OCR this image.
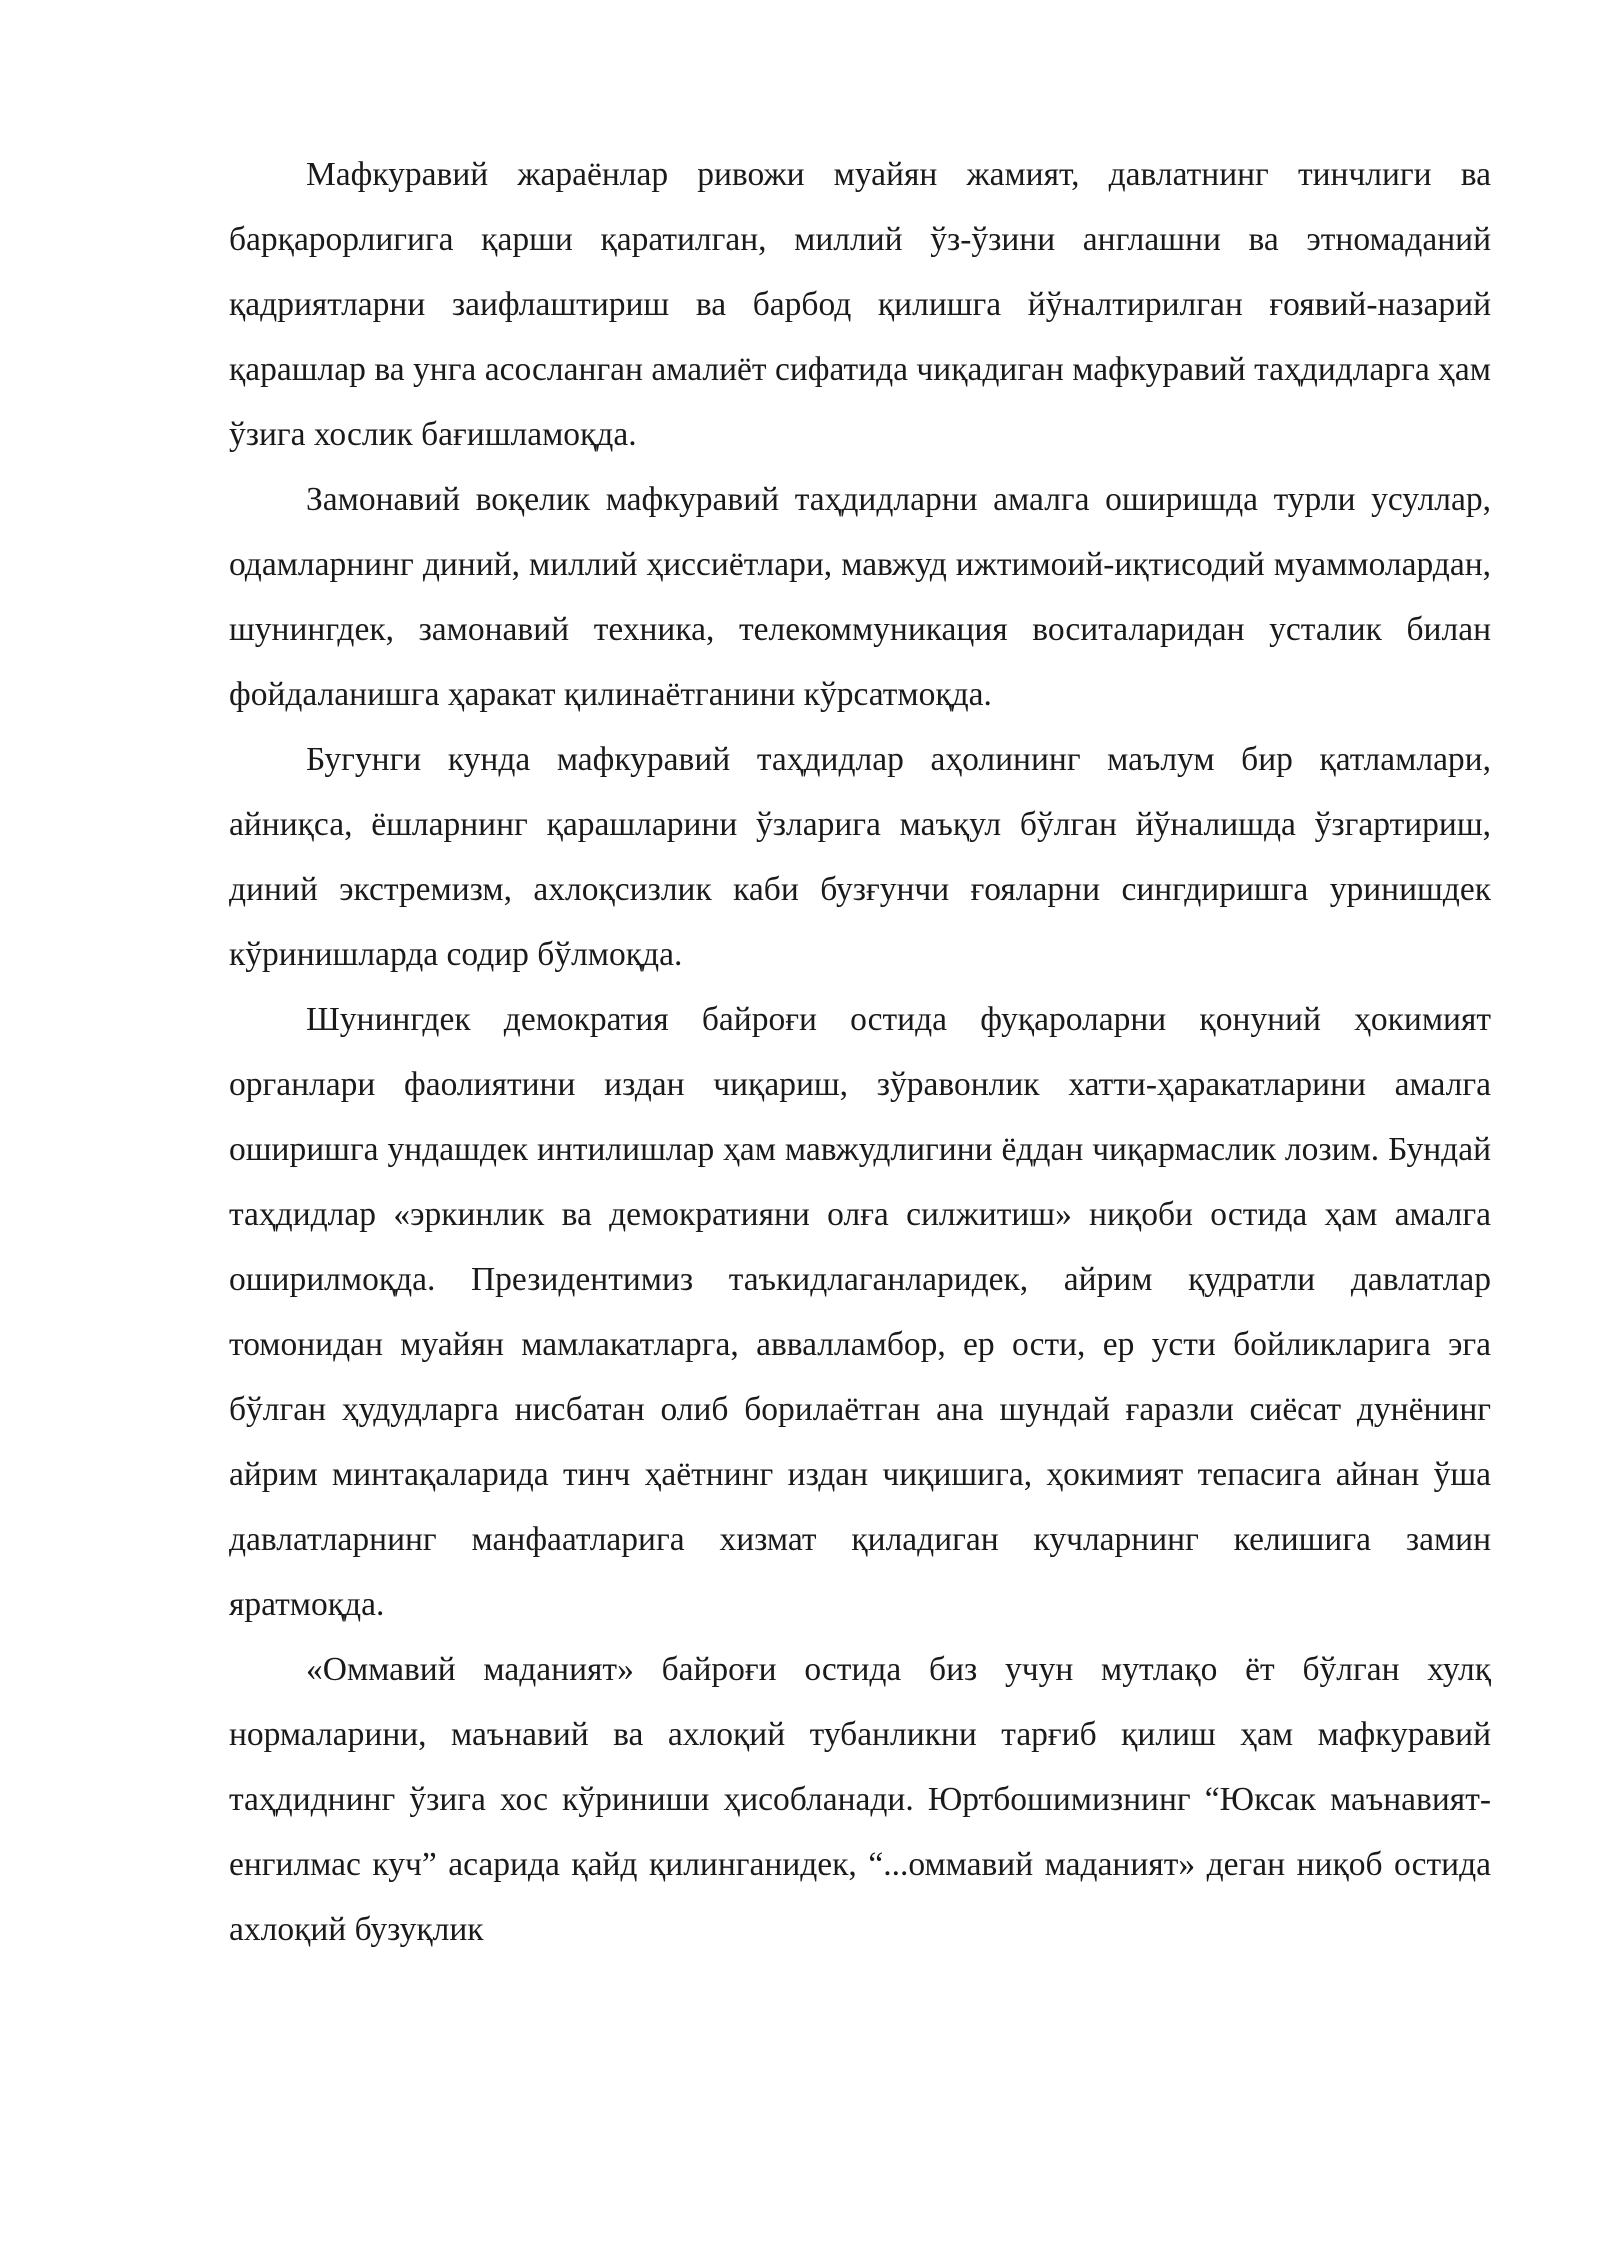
Мафкуравий жараёнлар ривожи муайян жамият, давлатнинг тинчлиги ва барқарорлигига қарши қаратилган, миллий ўз-ўзини англашни ва этномаданий қадриятларни заифлаштириш ва барбод қилишга йўналтирилган ғоявий-назарий қарашлар ва унга асосланган амалиёт сифатида чиқадиган мафкуравий таҳдидларга ҳам ўзига хослик бағишламоқда.

Замонавий воқелик мафкуравий таҳдидларни амалга оширишда турли усуллар, одамларнинг диний, миллий ҳиссиётлари, мавжуд ижтимоий-иқтисодий муаммолардан, шунингдек, замонавий техника, телекоммуникация воситаларидан усталик билан фойдаланишга ҳаракат қилинаётганини кўрсатмоқда.

Бугунги кунда мафкуравий таҳдидлар аҳолининг маълум бир қатламлари, айниқса, ёшларнинг қарашларини ўзларига маъқул бўлган йўналишда ўзгартириш, диний экстремизм, ахлоқсизлик каби бузғунчи ғояларни сингдиришга уринишдек кўринишларда содир бўлмоқда.

Шунингдек демократия байроғи остида фуқароларни қонуний ҳокимият органлари фаолиятини издан чиқариш, зўравонлик хатти-ҳаракатларини амалга оширишга ундашдек интилишлар ҳам мавжудлигини ёддан чиқармаслик лозим. Бундай таҳдидлар «эркинлик ва демократияни олға силжитиш» ниқоби остида ҳам амалга оширилмоқда. Президентимиз таъкидлаганларидек, айрим қудратли давлатлар томонидан муайян мамлакатларга, аввалламбор, ер ости, ер усти бойликларига эга бўлган ҳудудларга нисбатан олиб борилаётган ана шундай ғаразли сиёсат дунёнинг айрим минтақаларида тинч ҳаётнинг издан чиқишига, ҳокимият тепасига айнан ўша давлатларнинг манфаатларига хизмат қиладиган кучларнинг келишига замин яратмоқда.

«Оммавий маданият» байроғи остида биз учун мутлақо ёт бўлган хулқ нормаларини, маънавий ва ахлоқий тубанликни тарғиб қилиш ҳам мафкуравий таҳдиднинг ўзига хос кўриниши ҳисобланади. Юртбошимизнинг “Юксак маънавият-енгилмас куч” асарида қайд қилинганидек, “...оммавий маданият» деган ниқоб остида ахлоқий бузуқлик
